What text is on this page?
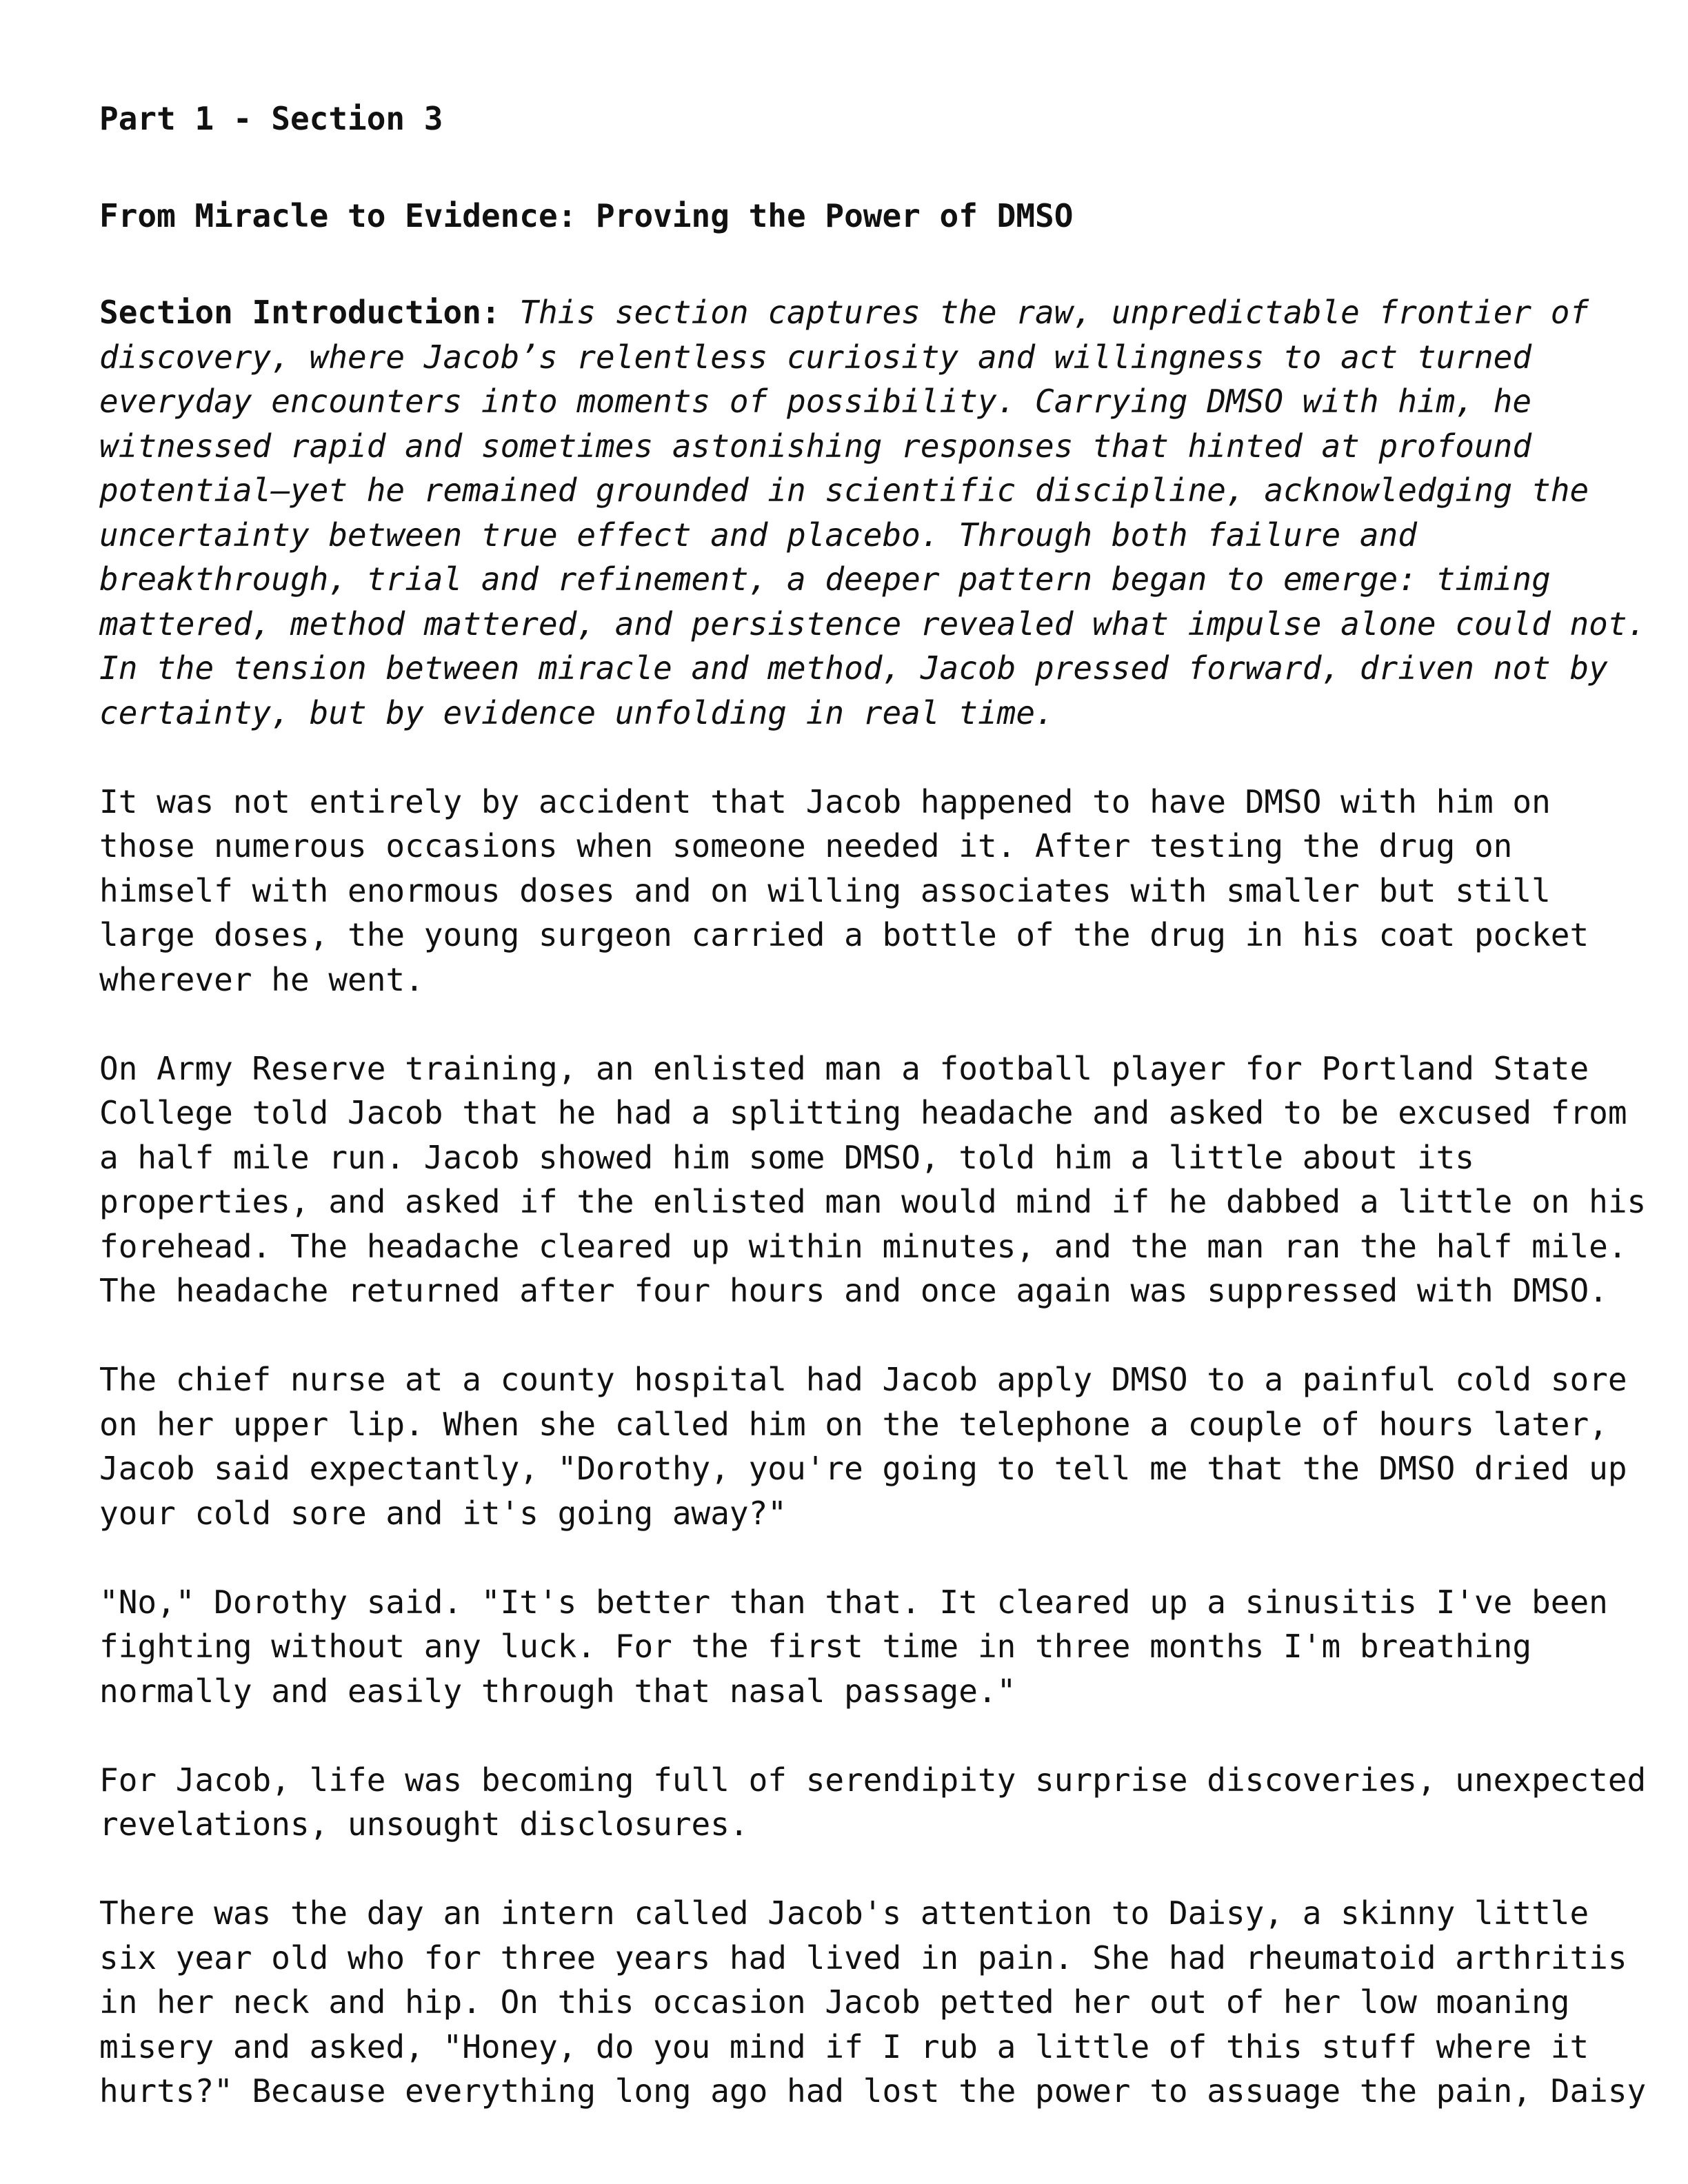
Part 1 - Section 3
From Miracle to Evidence: Proving the Power of DMSO

Section Introduction: This section captures the raw, unpredictable frontier of
discovery, where Jacob’s relentless curiosity and willingness to act turned
everyday encounters into moments of possibility. Carrying DMSO with him, he
witnessed rapid and sometimes astonishing responses that hinted at profound
potential—yet he remained grounded in scientific discipline, acknowledging the
uncertainty between true effect and placebo. Through both failure and
breakthrough, trial and refinement, a deeper pattern began to emerge: timing
mattered, method mattered, and persistence revealed what impulse alone could not.
In the tension between miracle and method, Jacob pressed forward, driven not by
certainty, but by evidence unfolding in real time.

It was not entirely by accident that Jacob happened to have DMSO with him on
those numerous occasions when someone needed it. After testing the drug on
himself with enormous doses and on willing associates with smaller but still
large doses, the young surgeon carried a bottle of the drug in his coat pocket
wherever he went.

On Army Reserve training, an enlisted man a football player for Portland State
College told Jacob that he had a splitting headache and asked to be excused from
a half mile run. Jacob showed him some DMSO, told him a little about its
properties, and asked if the enlisted man would mind if he dabbed a little on his
forehead. The headache cleared up within minutes, and the man ran the half mile.
The headache returned after four hours and once again was suppressed with DMSO.

The chief nurse at a county hospital had Jacob apply DMSO to a painful cold sore
on her upper lip. When she called him on the telephone a couple of hours later,
Jacob said expectantly, "Dorothy, you're going to tell me that the DMSO dried up
your cold sore and it's going away?"

"No," Dorothy said. "It's better than that. It cleared up a sinusitis I've been
fighting without any luck. For the first time in three months I'm breathing
normally and easily through that nasal passage."

For Jacob, life was becoming full of serendipity surprise discoveries, unexpected
revelations, unsought disclosures.

There was the day an intern called Jacob's attention to Daisy, a skinny little
six year old who for three years had lived in pain. She had rheumatoid arthritis
in her neck and hip. On this occasion Jacob petted her out of her low moaning
misery and asked, "Honey, do you mind if I rub a little of this stuff where it
hurts?" Because everything long ago had lost the power to assuage the pain, Daisy
